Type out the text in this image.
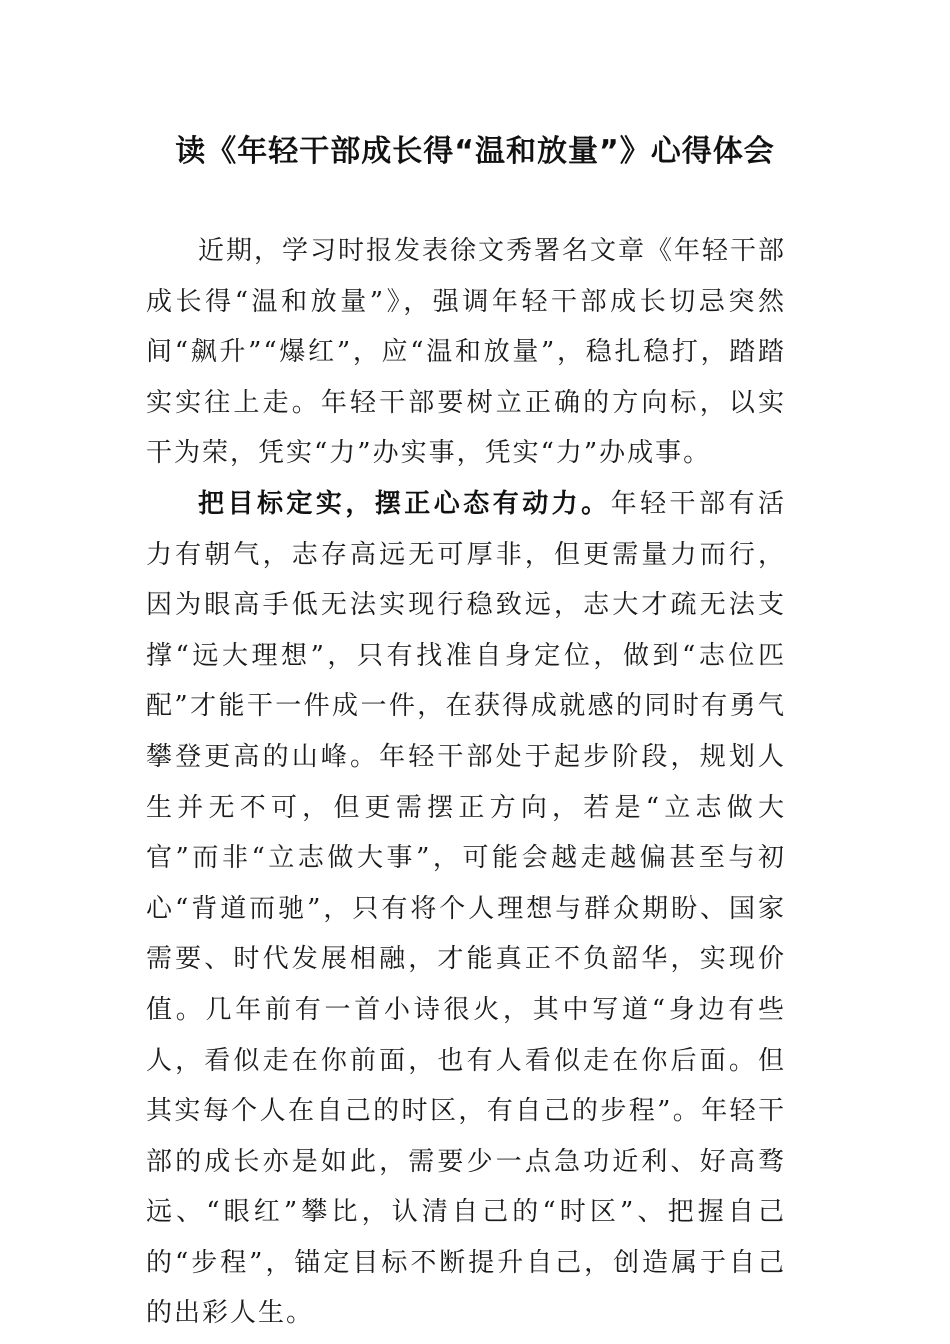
读《年轻干部成长得“温和放量”》心得体会

近期，学习时报发表徐文秀署名文章《年轻干部成长得“温和放量”》，强调年轻干部成长切忌突然间“飙升”“爆红”，应“温和放量”，稳扎稳打，踏踏实实往上走。年轻干部要树立正确的方向标，以实干为荣，凭实“力”办实事，凭实“力”办成事。

把目标定实，摆正心态有动力。年轻干部有活力有朝气，志存高远无可厚非，但更需量力而行，因为眼高手低无法实现行稳致远，志大才疏无法支撑“远大理想”，只有找准自身定位，做到“志位匹配”才能干一件成一件，在获得成就感的同时有勇气攀登更高的山峰。年轻干部处于起步阶段，规划人生并无不可，但更需摆正方向，若是“立志做大官”而非“立志做大事”，可能会越走越偏甚至与初心“背道而驰”，只有将个人理想与群众期盼、国家需要、时代发展相融，才能真正不负韶华，实现价值。几年前有一首小诗很火，其中写道“身边有些人，看似走在你前面，也有人看似走在你后面。但其实每个人在自己的时区，有自己的步程”。年轻干部的成长亦是如此，需要少一点急功近利、好高骛远、“眼红”攀比，认清自己的“时区”、把握自己的“步程”，锚定目标不断提升自己，创造属于自己的出彩人生。
